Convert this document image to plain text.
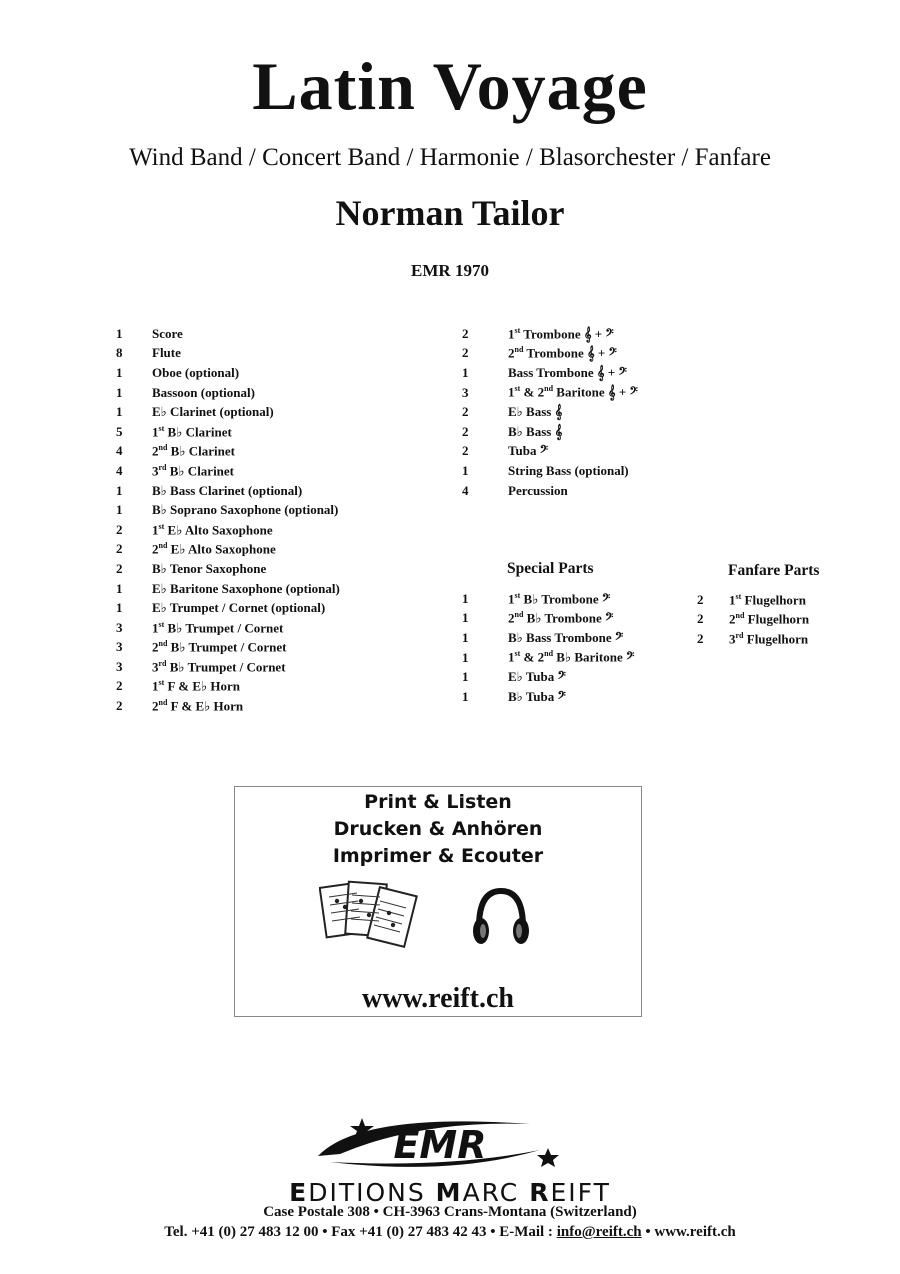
Latin Voyage
Wind Band / Concert Band / Harmonie / Blasorchester / Fanfare
Norman Tailor
EMR 1970
1	Score
8	Flute
1	Oboe (optional)
1	Bassoon (optional)
1	E♭ Clarinet (optional)
5	1st B♭ Clarinet
4	2nd B♭ Clarinet
4	3rd B♭ Clarinet
1	B♭ Bass Clarinet (optional)
1	B♭ Soprano Saxophone (optional)
2	1st E♭ Alto Saxophone
2	2nd E♭ Alto Saxophone
2	B♭ Tenor Saxophone
1	E♭ Baritone Saxophone (optional)
1	E♭ Trumpet / Cornet (optional)
3	1st B♭ Trumpet / Cornet
3	2nd B♭ Trumpet / Cornet
3	3rd B♭ Trumpet / Cornet
2	1st F & E♭ Horn
2	2nd F & E♭ Horn
2	1st Trombone 𝄞 + 𝄢
2	2nd Trombone 𝄞 + 𝄢
1	Bass Trombone 𝄞 + 𝄢
3	1st & 2nd Baritone 𝄞 + 𝄢
2	E♭ Bass 𝄞
2	B♭ Bass 𝄞
2	Tuba 𝄢
1	String Bass (optional)
4	Percussion
Special Parts
1	1st B♭ Trombone 𝄢
1	2nd B♭ Trombone 𝄢
1	B♭ Bass Trombone 𝄢
1	1st & 2nd B♭ Baritone 𝄢
1	E♭ Tuba 𝄢
1	B♭ Tuba 𝄢
Fanfare Parts
2	1st Flugelhorn
2	2nd Flugelhorn
2	3rd Flugelhorn
Print & Listen
Drucken & Anhören
Imprimer & Ecouter
www.reift.ch
EMR
EDITIONS MARC REIFT
Case Postale 308 • CH-3963 Crans-Montana (Switzerland)
Tel. +41 (0) 27 483 12 00 • Fax +41 (0) 27 483 42 43 • E-Mail : info@reift.ch • www.reift.ch
